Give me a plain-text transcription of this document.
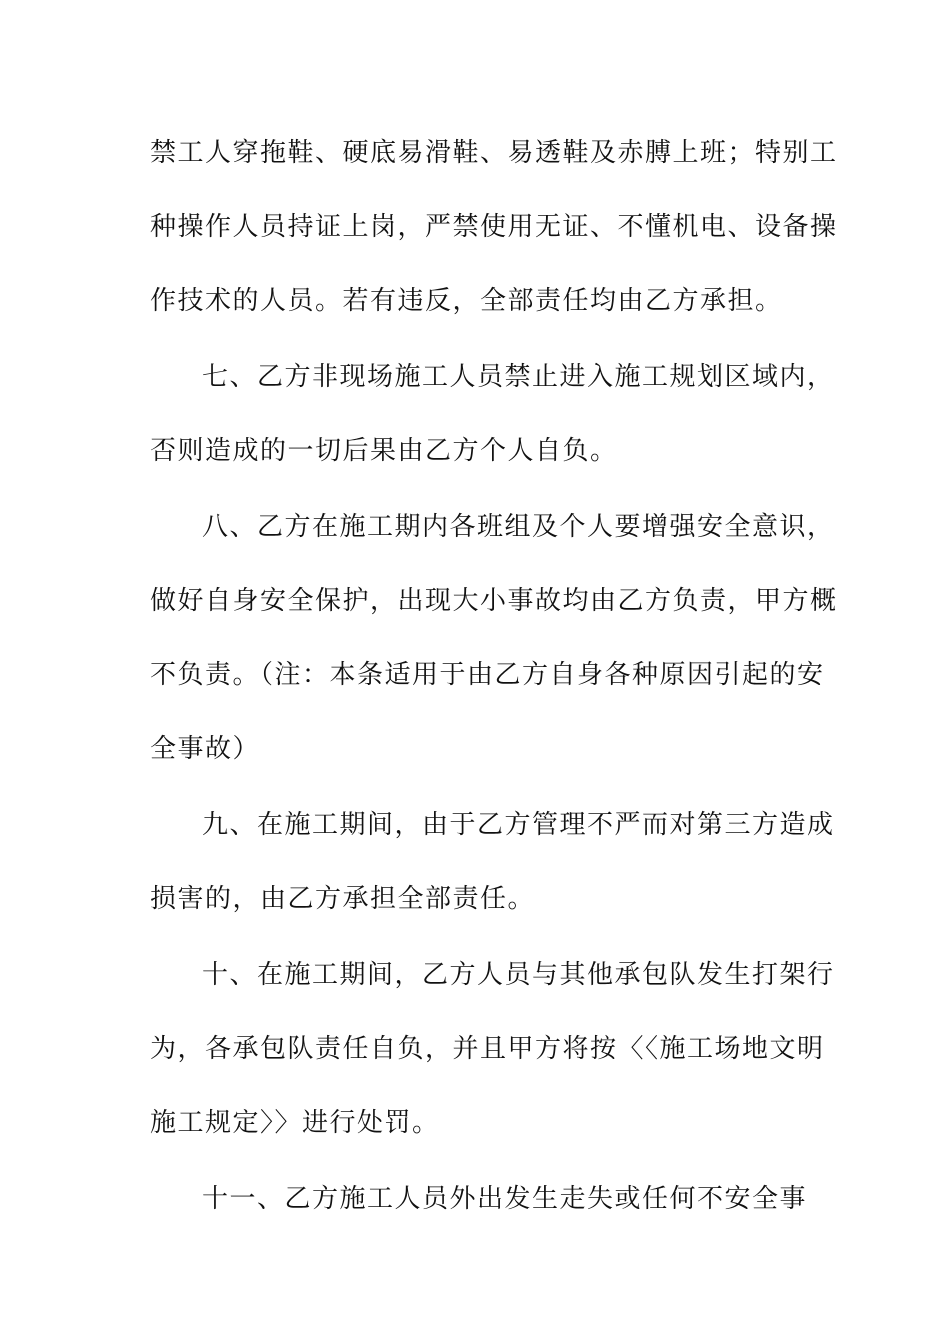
禁工人穿拖鞋、硬底易滑鞋、易透鞋及赤膊上班；特别工
种操作人员持证上岗，严禁使用无证、不懂机电、设备操
作技术的人员。若有违反，全部责任均由乙方承担。
七、乙方非现场施工人员禁止进入施工规划区域内，
否则造成的一切后果由乙方个人自负。
八、乙方在施工期内各班组及个人要增强安全意识，
做好自身安全保护，出现大小事故均由乙方负责，甲方概
不负责。（注：本条适用于由乙方自身各种原因引起的安
全事故）
九、在施工期间，由于乙方管理不严而对第三方造成
损害的，由乙方承担全部责任。
十、在施工期间，乙方人员与其他承包队发生打架行
为，各承包队责任自负，并且甲方将按〈〈施工场地文明
施工规定〉〉进行处罚。
十一、乙方施工人员外出发生走失或任何不安全事
